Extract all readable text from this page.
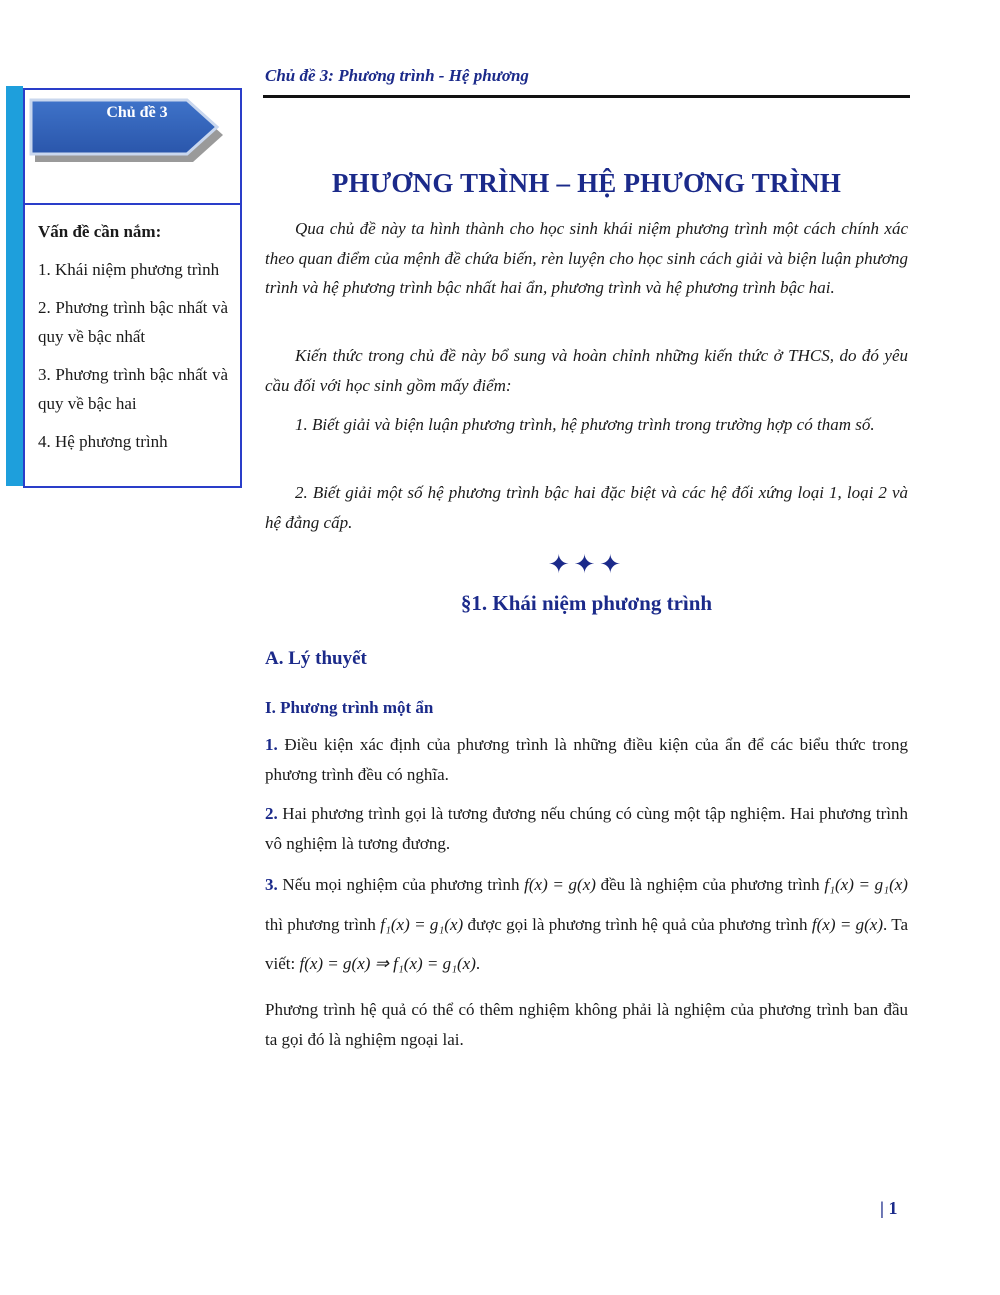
Chủ đề 3: Phương trình - Hệ phương
Chủ đề 3
Vấn đề cần nắm:
1. Khái niệm phương trình
2. Phương trình bậc nhất và quy về bậc nhất
3. Phương trình bậc nhất và quy về bậc hai
4. Hệ phương trình
PHƯƠNG TRÌNH – HỆ PHƯƠNG TRÌNH
Qua chủ đề này ta hình thành cho học sinh khái niệm phương trình một cách chính xác theo quan điểm của mệnh đề chứa biến, rèn luyện cho học sinh cách giải và biện luận phương trình và hệ phương trình bậc nhất hai ẩn, phương trình và hệ phương trình bậc hai.
Kiến thức trong chủ đề này bổ sung và hoàn chỉnh những kiến thức ở THCS, do đó yêu cầu đối với học sinh gồm mấy điểm:
1. Biết giải và biện luận phương trình, hệ phương trình trong trường hợp có tham số.
2. Biết giải một số hệ phương trình bậc hai đặc biệt và các hệ đối xứng loại 1, loại 2 và hệ đẳng cấp.
✦✦✦
§1. Khái niệm phương trình
A. Lý thuyết
I. Phương trình một ẩn
1. Điều kiện xác định của phương trình là những điều kiện của ẩn để các biểu thức trong phương trình đều có nghĩa.
2. Hai phương trình gọi là tương đương nếu chúng có cùng một tập nghiệm. Hai phương trình vô nghiệm là tương đương.
3. Nếu mọi nghiệm của phương trình f(x) = g(x) đều là nghiệm của phương trình f₁(x) = g₁(x) thì phương trình f₁(x) = g₁(x) được gọi là phương trình hệ quả của phương trình f(x) = g(x). Ta viết: f(x) = g(x) ⇒ f₁(x) = g₁(x).
Phương trình hệ quả có thể có thêm nghiệm không phải là nghiệm của phương trình ban đầu ta gọi đó là nghiệm ngoại lai.
| 1
